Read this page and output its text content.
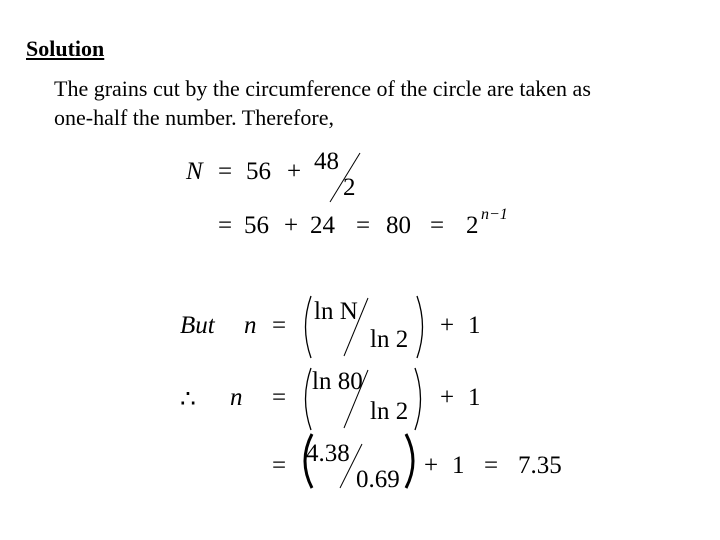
Solution
The grains cut by the circumference of the circle are taken as
one-half the number. Therefore,
N = 56 + 48
2
= 56 + 24 = 80 = 2 n−1
But n =
ln N
ln 2
+ 1
∴ n =
ln 80
ln 2
+ 1
= 4.38
0.69
+ 1 = 7.35
